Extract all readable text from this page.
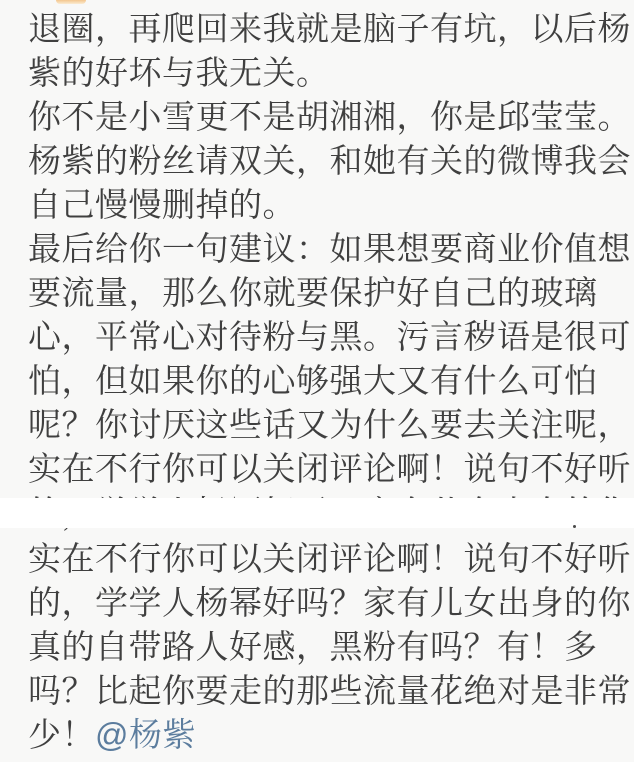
退圈，再爬回来我就是脑子有坑，以后杨
紫的好坏与我无关。
你不是小雪更不是胡湘湘，你是邱莹莹。
杨紫的粉丝请双关，和她有关的微博我会
自己慢慢删掉的。
最后给你一句建议：如果想要商业价值想
要流量，那么你就要保护好自己的玻璃
心，平常心对待粉与黑。污言秽语是很可
怕，但如果你的心够强大又有什么可怕
呢？你讨厌这些话又为什么要去关注呢，
实在不行你可以关闭评论啊！说句不好听
实在不行你可以关闭评论啊！说句不好听
的，学学人杨幂好吗？家有儿女出身的你
真的自带路人好感，黑粉有吗？有！多
吗？比起你要走的那些流量花绝对是非常
少！@杨紫
